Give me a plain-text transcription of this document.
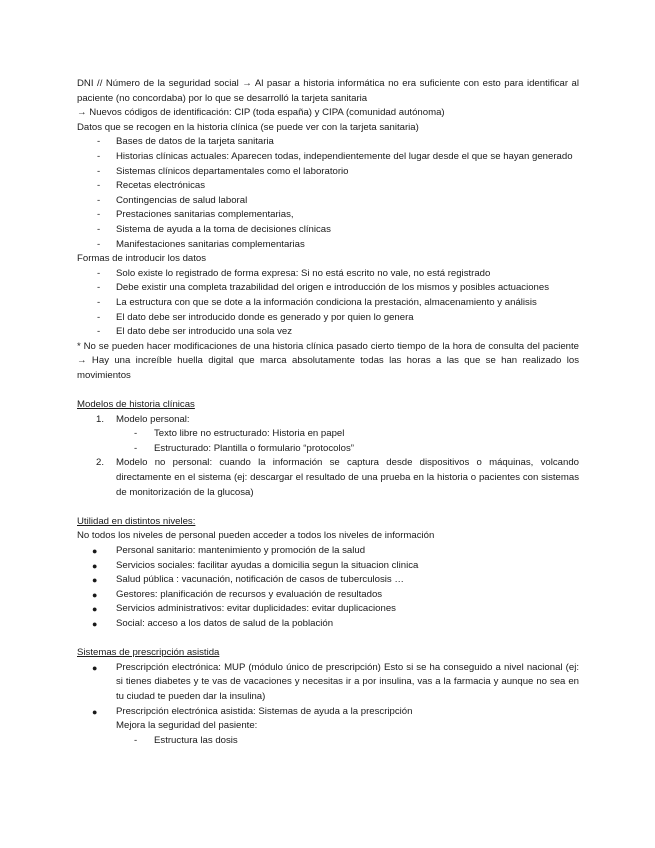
DNI // Número de la seguridad social → Al pasar a historia informática no era suficiente con esto para identificar al paciente (no concordaba) por lo que se desarrolló la tarjeta sanitaria

→ Nuevos códigos de identificación: CIP (toda españa) y CIPA (comunidad autónoma)

Datos que se recogen en la historia clínica (se puede ver con la tarjeta sanitaria)

- Bases de datos de la tarjeta sanitaria
- Historias clínicas actuales: Aparecen todas, independientemente del lugar desde el que se hayan generado
- Sistemas clínicos departamentales como el laboratorio
- Recetas electrónicas
- Contingencias de salud laboral
- Prestaciones sanitarias complementarias,
- Sistema de ayuda a la toma de decisiones clínicas
- Manifestaciones sanitarias complementarias

Formas de introducir los datos

- Solo existe lo registrado de forma expresa: Si no está escrito no vale, no está registrado
- Debe existir una completa trazabilidad del origen e introducción de los mismos y posibles actuaciones
- La estructura con que se dote a la información condiciona la prestación, almacenamiento y análisis
- El dato debe ser introducido donde es generado y por quien lo genera
- El dato debe ser introducido una sola vez

* No se pueden hacer modificaciones de una historia clínica pasado cierto tiempo de la hora de consulta del paciente → Hay una increíble huella digital que marca absolutamente todas las horas a las que se han realizado los movimientos

Modelos de historia clínicas

1. Modelo personal:
- Texto libre no estructurado: Historia en papel
- Estructurado: Plantilla o formulario “protocolos”
2. Modelo no personal: cuando la información se captura desde dispositivos o máquinas, volcando directamente en el sistema (ej: descargar el resultado de una prueba en la historia o pacientes con sistemas de monitorización de la glucosa)

Utilidad en distintos niveles:

No todos los niveles de personal pueden acceder a todos los niveles de información

● Personal sanitario: mantenimiento y promoción de la salud
● Servicios sociales: facilitar ayudas a domicilia segun la situacion clinica
● Salud pública : vacunación, notificación de casos de tuberculosis …
● Gestores: planificación de recursos y evaluación de resultados
● Servicios administrativos: evitar duplicidades: evitar duplicaciones
● Social: acceso a los datos de salud de la población

Sistemas de prescripción asistida

● Prescripción electrónica: MUP (módulo único de prescripción) Esto si se ha conseguido a nivel nacional (ej: si tienes diabetes y te vas de vacaciones y necesitas ir a por insulina, vas a la farmacia y aunque no sea en tu ciudad te pueden dar la insulina)
● Prescripción electrónica asistida: Sistemas de ayuda a la prescripción

Mejora la seguridad del pasiente:

- Estructura las dosis
